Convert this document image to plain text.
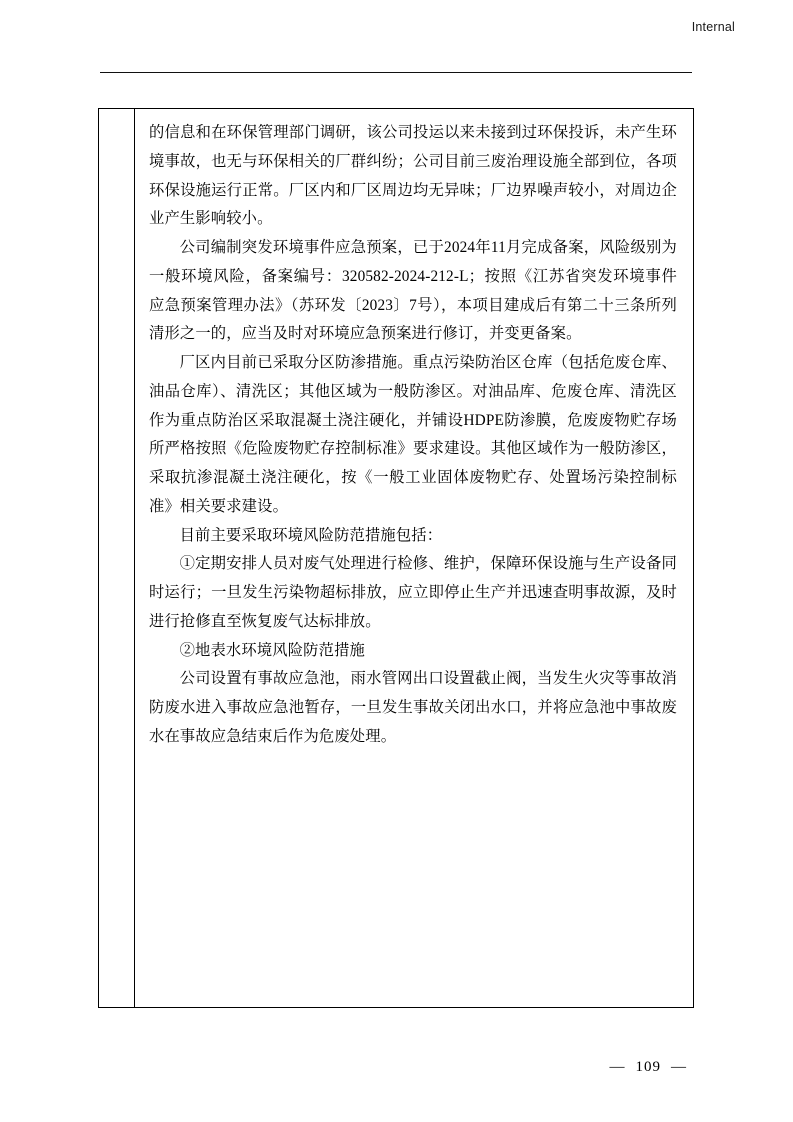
Internal

的信息和在环保管理部门调研，该公司投运以来未接到过环保投诉，未产生环境事故，也无与环保相关的厂群纠纷；公司目前三废治理设施全部到位，各项环保设施运行正常。厂区内和厂区周边均无异味；厂边界噪声较小，对周边企业产生影响较小。

公司编制突发环境事件应急预案，已于2024年11月完成备案，风险级别为一般环境风险，备案编号：320582-2024-212-L；按照《江苏省突发环境事件应急预案管理办法》（苏环发〔2023〕7号），本项目建成后有第二十三条所列清形之一的，应当及时对环境应急预案进行修订，并变更备案。

厂区内目前已采取分区防渗措施。重点污染防治区仓库（包括危废仓库、油品仓库）、清洗区；其他区域为一般防渗区。对油品库、危废仓库、清洗区作为重点防治区采取混凝土浇注硬化，并铺设HDPE防渗膜，危废废物贮存场所严格按照《危险废物贮存控制标准》要求建设。其他区域作为一般防渗区，采取抗渗混凝土浇注硬化，按《一般工业固体废物贮存、处置场污染控制标准》相关要求建设。

目前主要采取环境风险防范措施包括：

①定期安排人员对废气处理进行检修、维护，保障环保设施与生产设备同时运行；一旦发生污染物超标排放，应立即停止生产并迅速查明事故源，及时进行抢修直至恢复废气达标排放。

②地表水环境风险防范措施

公司设置有事故应急池，雨水管网出口设置截止阀，当发生火灾等事故消防废水进入事故应急池暂存，一旦发生事故关闭出水口，并将应急池中事故废水在事故应急结束后作为危废处理。

— 109 —
